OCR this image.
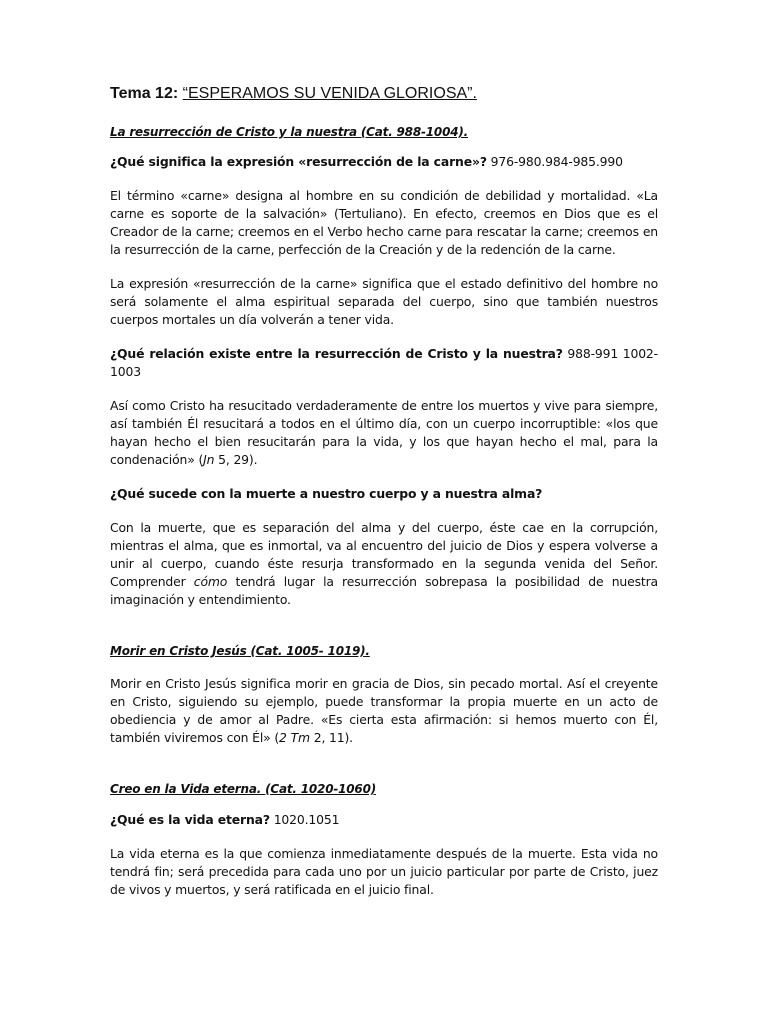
Tema 12: “ESPERAMOS SU VENIDA GLORIOSA”.

La resurrección de Cristo y la nuestra (Cat. 988-1004).

¿Qué significa la expresión «resurrección de la carne»? 976-980.984-985.990

El término «carne» designa al hombre en su condición de debilidad y mortalidad. «La carne es soporte de la salvación» (Tertuliano). En efecto, creemos en Dios que es el Creador de la carne; creemos en el Verbo hecho carne para rescatar la carne; creemos en la resurrección de la carne, perfección de la Creación y de la redención de la carne.

La expresión «resurrección de la carne» significa que el estado definitivo del hombre no será solamente el alma espiritual separada del cuerpo, sino que también nuestros cuerpos mortales un día volverán a tener vida.

¿Qué relación existe entre la resurrección de Cristo y la nuestra? 988-991 1002-1003

Así como Cristo ha resucitado verdaderamente de entre los muertos y vive para siempre, así también Él resucitará a todos en el último día, con un cuerpo incorruptible: «los que hayan hecho el bien resucitarán para la vida, y los que hayan hecho el mal, para la condenación» (Jn 5, 29).

¿Qué sucede con la muerte a nuestro cuerpo y a nuestra alma?

Con la muerte, que es separación del alma y del cuerpo, éste cae en la corrupción, mientras el alma, que es inmortal, va al encuentro del juicio de Dios y espera volverse a unir al cuerpo, cuando éste resurja transformado en la segunda venida del Señor. Comprender cómo tendrá lugar la resurrección sobrepasa la posibilidad de nuestra imaginación y entendimiento.

Morir en Cristo Jesús (Cat. 1005- 1019).

Morir en Cristo Jesús significa morir en gracia de Dios, sin pecado mortal. Así el creyente en Cristo, siguiendo su ejemplo, puede transformar la propia muerte en un acto de obediencia y de amor al Padre. «Es cierta esta afirmación: si hemos muerto con Él, también viviremos con Él» (2 Tm 2, 11).

Creo en la Vida eterna. (Cat. 1020-1060)

¿Qué es la vida eterna? 1020.1051

La vida eterna es la que comienza inmediatamente después de la muerte. Esta vida no tendrá fin; será precedida para cada uno por un juicio particular por parte de Cristo, juez de vivos y muertos, y será ratificada en el juicio final.
